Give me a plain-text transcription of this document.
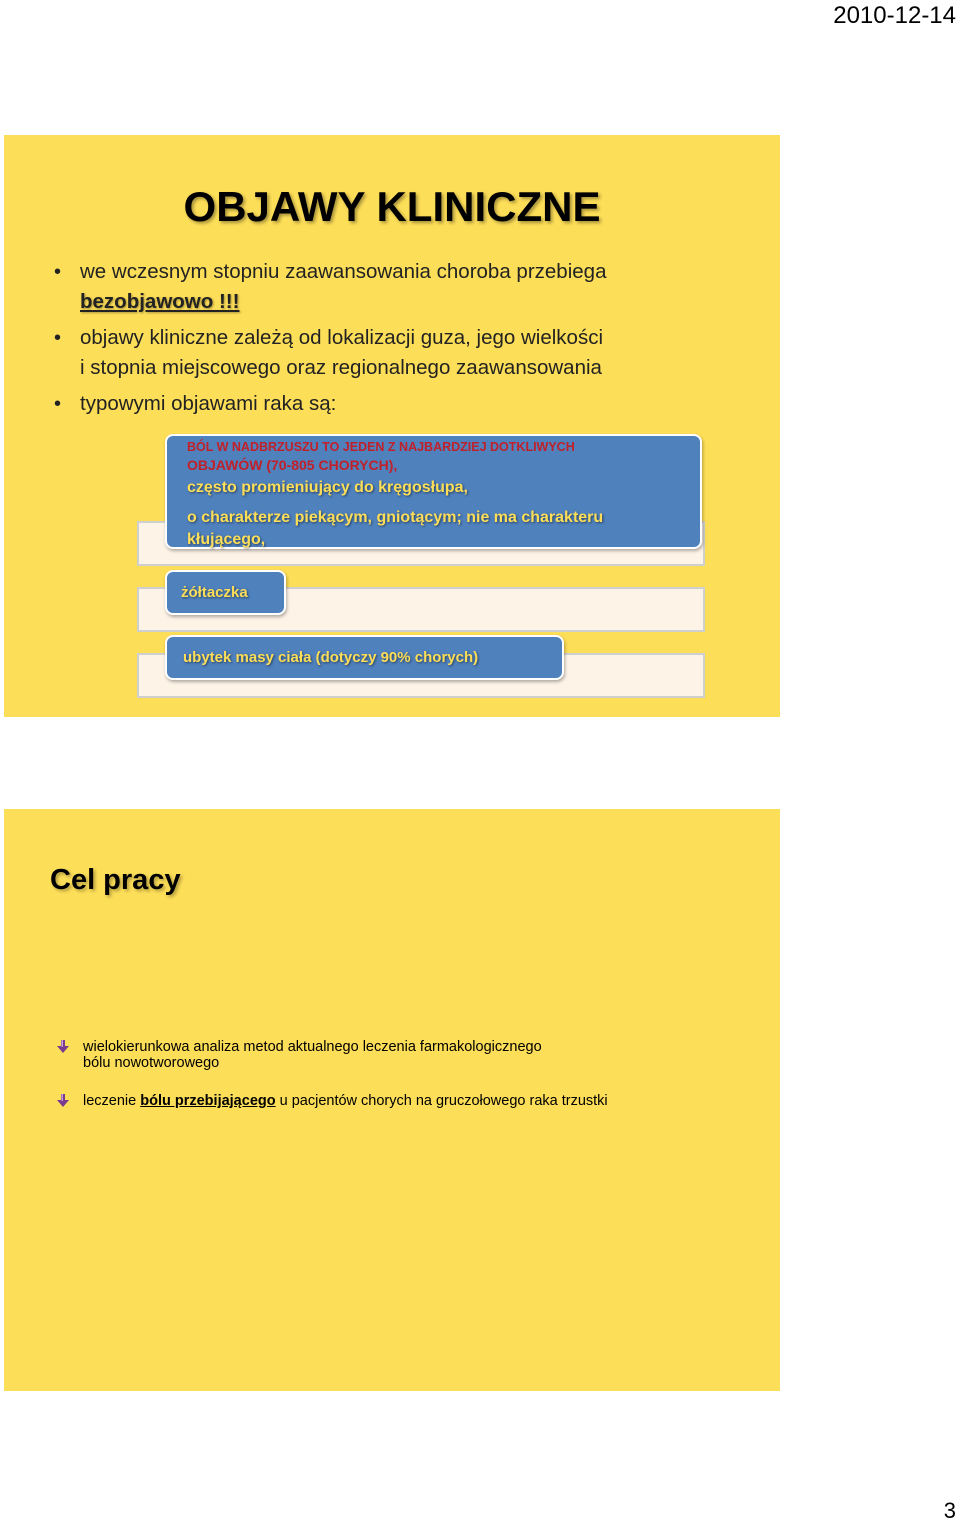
2010-12-14
OBJAWY KLINICZNE
• we wczesnym stopniu zaawansowania choroba przebiega
bezobjawowo !!!
• objawy kliniczne zależą od lokalizacji guza, jego wielkości
i stopnia miejscowego oraz regionalnego zaawansowania
• typowymi objawami raka są:
BÓL W NADBRZUSZU TO JEDEN Z NAJBARDZIEJ DOTKLIWYCH
OBJAWÓW (70-805 CHORYCH),
często promieniujący do kręgosłupa,
o charakterze piekącym, gniotącym; nie ma charakteru
kłującego,
żółtaczka
ubytek masy ciała (dotyczy 90% chorych)
Cel pracy
wielokierunkowa analiza metod aktualnego leczenia farmakologicznego
bólu nowotworowego
leczenie bólu przebijającego u pacjentów chorych na gruczołowego raka trzustki
3
